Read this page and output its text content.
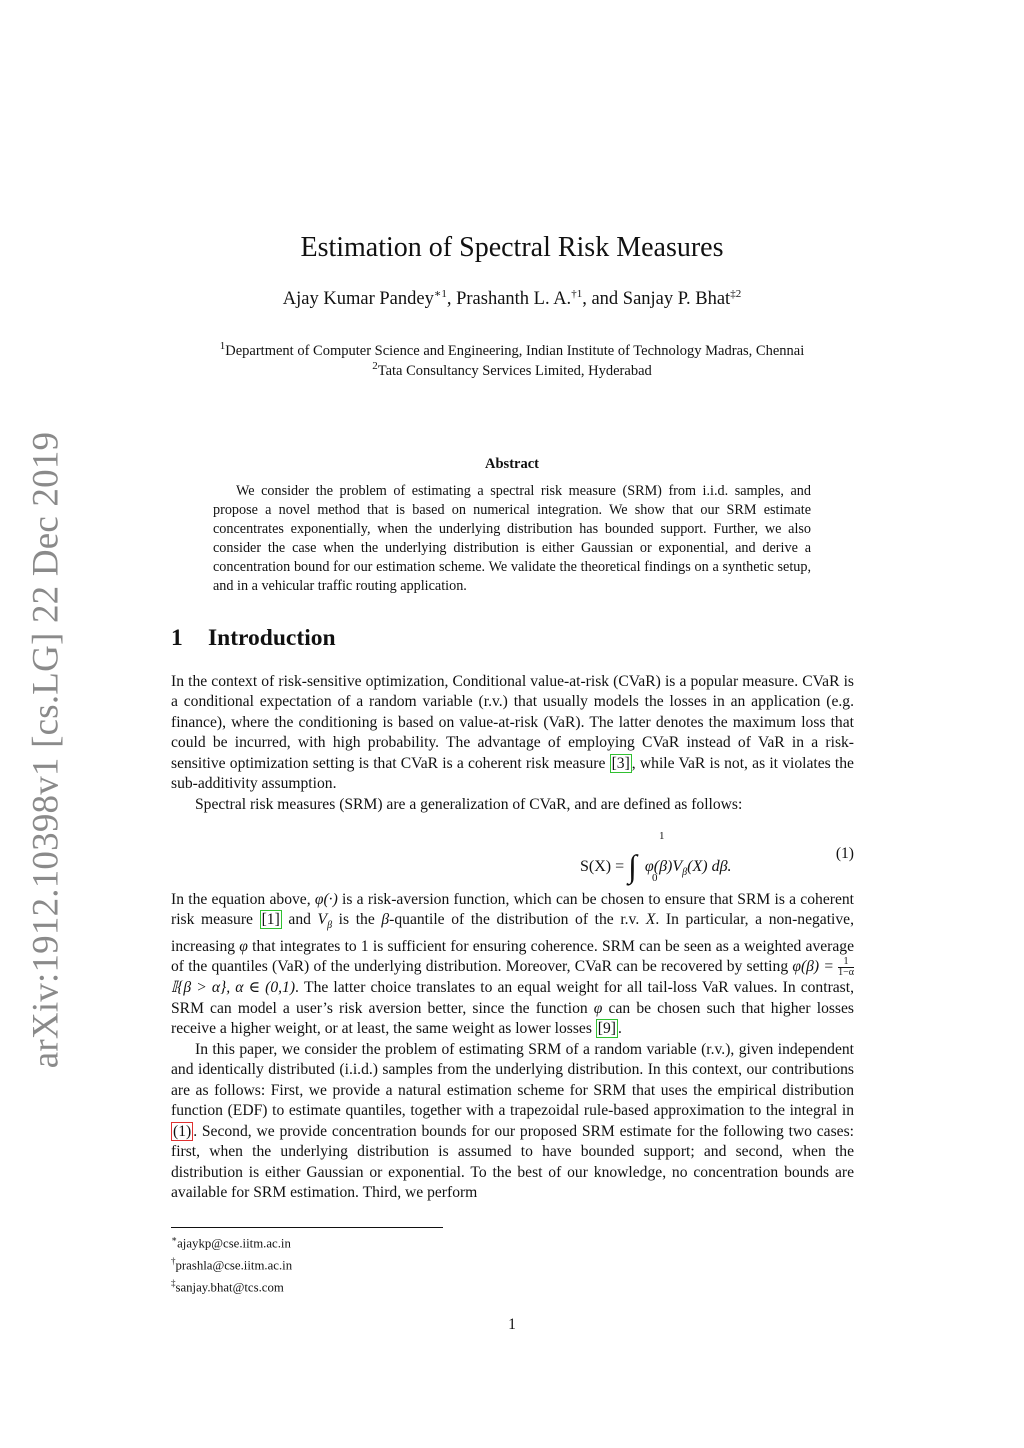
arXiv:1912.10398v1 [cs.LG] 22 Dec 2019
Estimation of Spectral Risk Measures
Ajay Kumar Pandey$^{∗1}$, Prashanth L. A.$^{\dagger 1}$, and Sanjay P. Bhat$^{\ddagger 2}$
$^1$Department of Computer Science and Engineering, Indian Institute of Technology Madras, Chennai
$^2$Tata Consultancy Services Limited, Hyderabad
Abstract

We consider the problem of estimating a spectral risk measure (SRM) from i.i.d. samples, and propose a novel method that is based on numerical integration. We show that our SRM estimate concentrates exponentially, when the underlying distribution has bounded support. Further, we also consider the case when the underlying distribution is either Gaussian or exponential, and derive a concentration bound for our estimation scheme. We validate the theoretical findings on a synthetic setup, and in a vehicular traffic routing application.

1 Introduction

In the context of risk-sensitive optimization, Conditional value-at-risk (CVaR) is a popular measure. CVaR is a conditional expectation of a random variable (r.v.) that usually models the losses in an application (e.g. finance), where the conditioning is based on value-at-risk (VaR). The latter denotes the maximum loss that could be incurred, with high probability. The advantage of employing CVaR instead of VaR in a risk-sensitive optimization setting is that CVaR is a coherent risk measure [3] , while VaR is not, as it violates the sub-additivity assumption.

Spectral risk measures (SRM) are a generalization of CVaR, and are defined as follows:

S(X) = ∫ $\varphi(\beta)V_\beta(X)$ dβ.
1
0
(1)

In the equation above, φ(·) is a risk-aversion function, which can be chosen to ensure that SRM is a coherent risk measure [1] and $V_\beta$ is the β-quantile of the distribution of the r.v. X. In particular, a non-negative, increasing φ that integrates to 1 is sufficient for ensuring coherence. SRM can be seen as a weighted average of the quantiles (VaR) of the underlying distribution. Moreover, CVaR can be recovered by setting $\varphi(\beta) = \frac{1}{1-\alpha}$
𝕀{β > α}, α ∈ (0,1). The latter choice translates to an equal weight for all tail-loss VaR values. In contrast, SRM can model a user’s risk aversion better, since the function φ can be chosen such that higher losses receive a higher weight, or at least, the same weight as lower losses [9] .

In this paper, we consider the problem of estimating SRM of a random variable (r.v.), given independent and identically distributed (i.i.d.) samples from the underlying distribution. In this context, our contributions are as follows: First, we provide a natural estimation scheme for SRM that uses the empirical distribution function (EDF) to estimate quantiles, together with a trapezoidal rule-based approximation to the integral in (1) . Second, we provide concentration bounds for our proposed SRM estimate for the following two cases: first, when the underlying distribution is assumed to have bounded support; and second, when the distribution is either Gaussian or exponential. To the best of our knowledge, no concentration bounds are available for SRM estimation. Third, we perform

∗ajaykp@cse.iitm.ac.in
†prashla@cse.iitm.ac.in
‡sanjay.bhat@tcs.com
1
